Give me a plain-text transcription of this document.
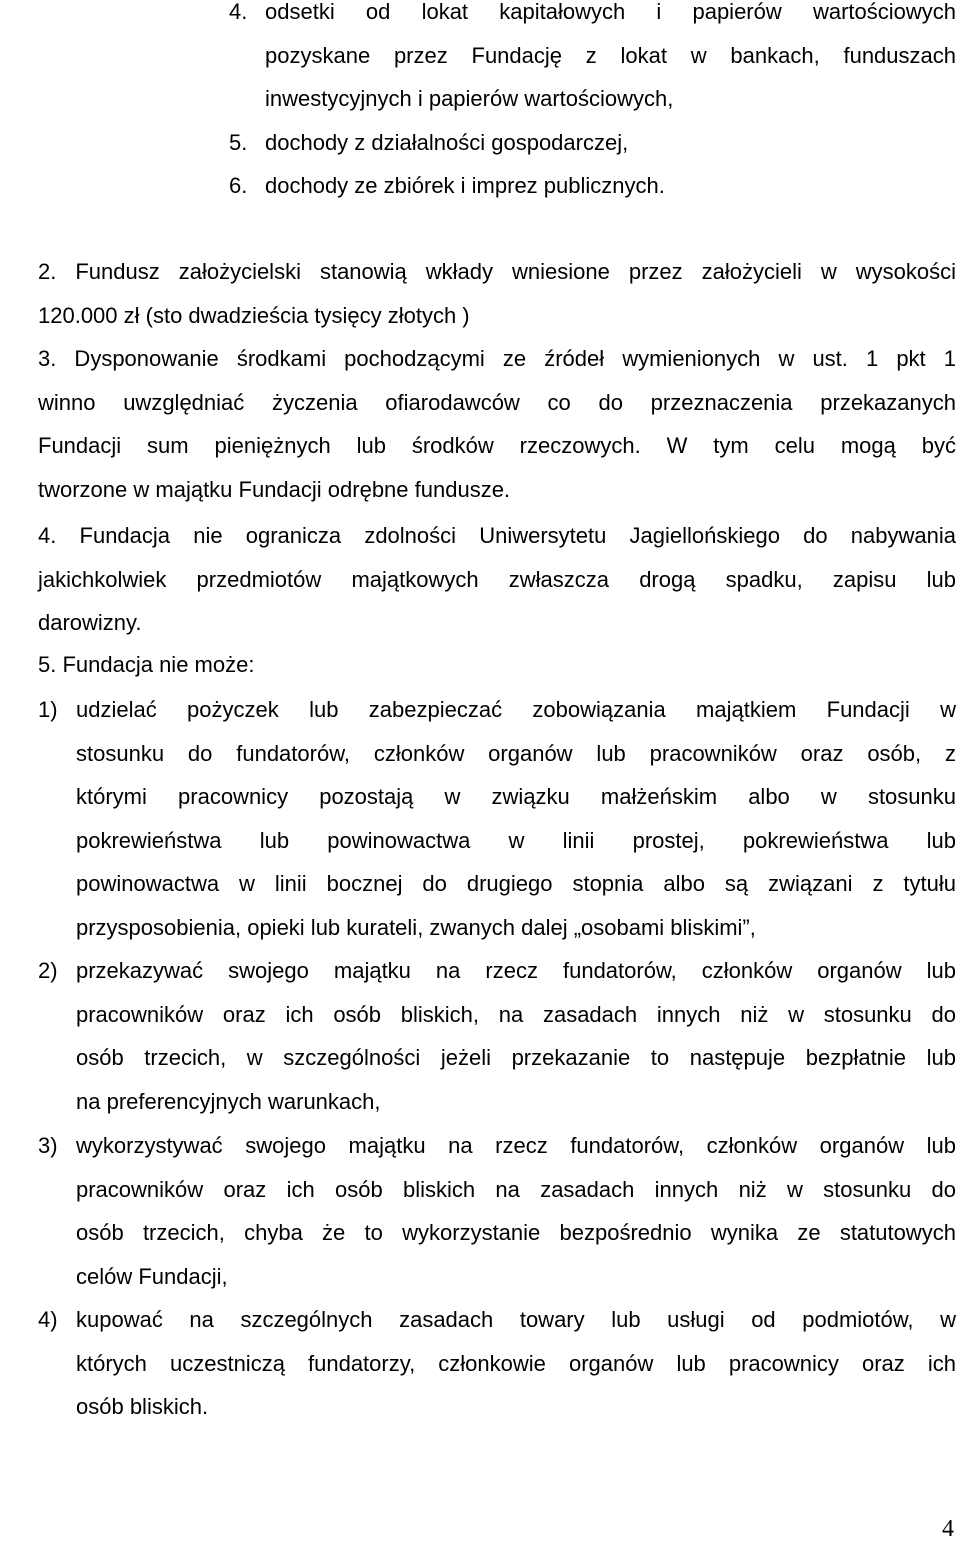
4. odsetki od lokat kapitałowych i papierów wartościowych
pozyskane przez Fundację z lokat w bankach, funduszach
inwestycyjnych i papierów wartościowych,
5. dochody z działalności gospodarczej,
6. dochody ze zbiórek i imprez publicznych.
2. Fundusz założycielski stanowią wkłady wniesione przez założycieli w wysokości
120.000 zł (sto dwadzieścia tysięcy złotych )
3. Dysponowanie środkami pochodzącymi ze źródeł wymienionych w ust. 1 pkt 1
winno uwzględniać życzenia ofiarodawców co do przeznaczenia przekazanych
Fundacji sum pieniężnych lub środków rzeczowych. W tym celu mogą być
tworzone w majątku Fundacji odrębne fundusze.
4. Fundacja nie ogranicza zdolności Uniwersytetu Jagiellońskiego do nabywania
jakichkolwiek przedmiotów majątkowych zwłaszcza drogą spadku, zapisu lub
darowizny.
5. Fundacja nie może:
1) udzielać pożyczek lub zabezpieczać zobowiązania majątkiem Fundacji w
stosunku do fundatorów, członków organów lub pracowników oraz osób, z
którymi pracownicy pozostają w związku małżeńskim albo w stosunku
pokrewieństwa lub powinowactwa w linii prostej, pokrewieństwa lub
powinowactwa w linii bocznej do drugiego stopnia albo są związani z tytułu
przysposobienia, opieki lub kurateli, zwanych dalej „osobami bliskimi”,
2) przekazywać swojego majątku na rzecz fundatorów, członków organów lub
pracowników oraz ich osób bliskich, na zasadach innych niż w stosunku do
osób trzecich, w szczególności jeżeli przekazanie to następuje bezpłatnie lub
na preferencyjnych warunkach,
3) wykorzystywać swojego majątku na rzecz fundatorów, członków organów lub
pracowników oraz ich osób bliskich na zasadach innych niż w stosunku do
osób trzecich, chyba że to wykorzystanie bezpośrednio wynika ze statutowych
celów Fundacji,
4) kupować na szczególnych zasadach towary lub usługi od podmiotów, w
których uczestniczą fundatorzy, członkowie organów lub pracownicy oraz ich
osób bliskich.
4
